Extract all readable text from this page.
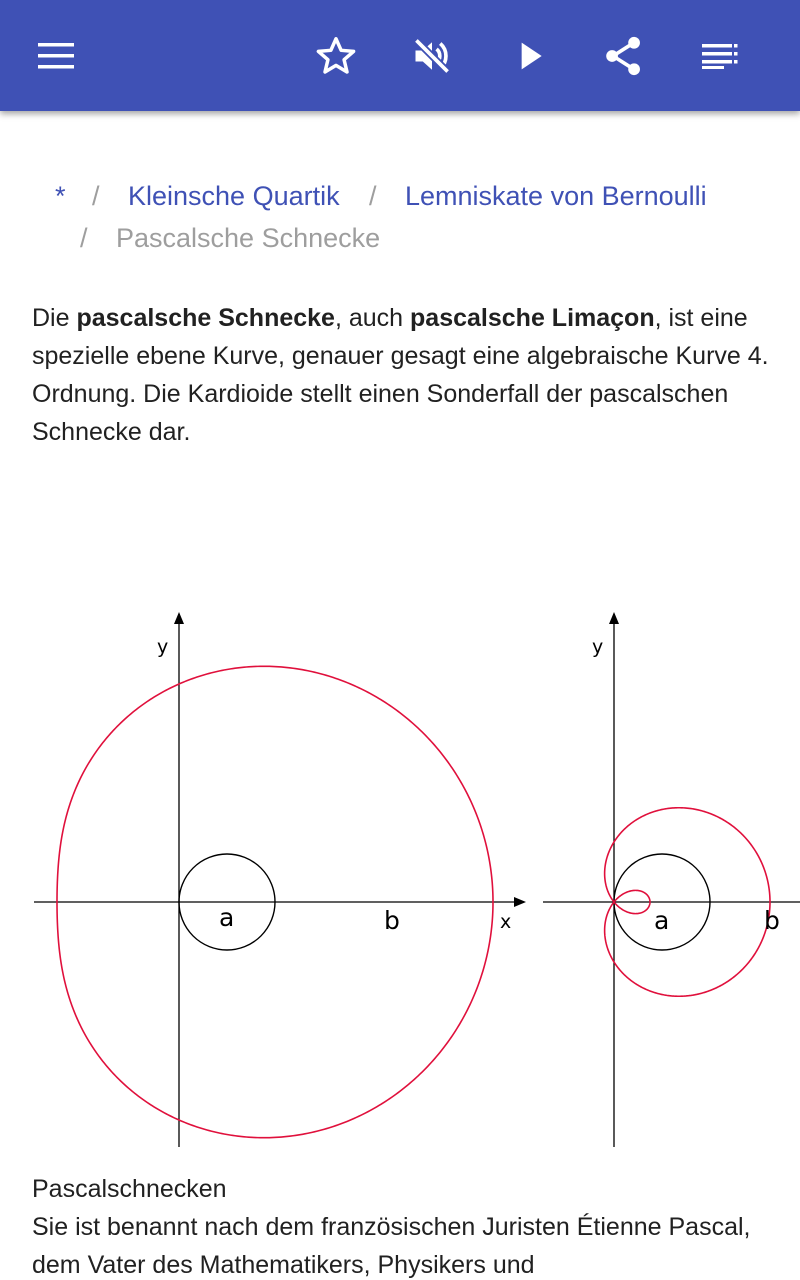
* / Kleinsche Quartik / Lemniskate von Bernoulli
/ Pascalsche Schnecke

Die pascalsche Schnecke, auch pascalsche Limaçon, ist eine spezielle ebene Kurve, genauer gesagt eine algebraische Kurve 4. Ordnung. Die Kardioide stellt einen Sonderfall der pascalschen Schnecke dar.

y
x
a	b
y
a	b

Pascalschnecken
Sie ist benannt nach dem französischen Juristen Étienne Pascal, dem Vater des Mathematikers, Physikers und
